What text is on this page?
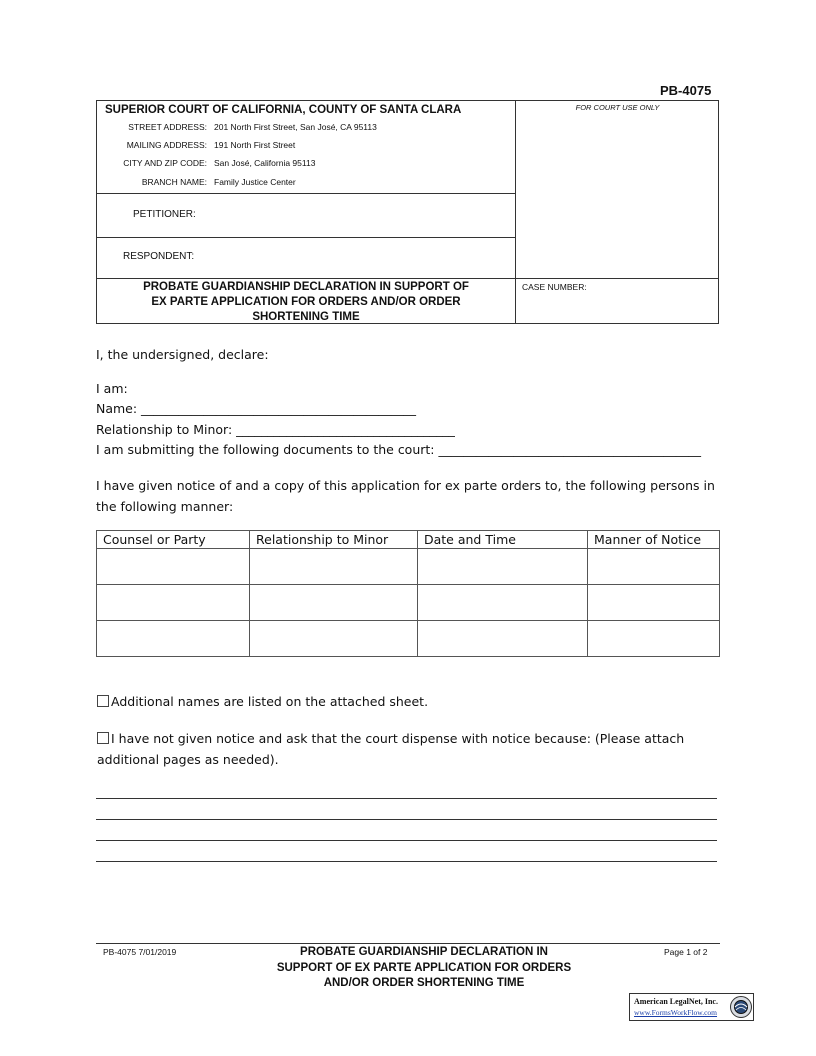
PB-4075
SUPERIOR COURT OF CALIFORNIA, COUNTY OF SANTA CLARA
STREET ADDRESS: 201 North First Street, San José, CA 95113
MAILING ADDRESS: 191 North First Street
CITY AND ZIP CODE: San José, California 95113
BRANCH NAME: Family Justice Center
PETITIONER:
RESPONDENT:
FOR COURT USE ONLY
PROBATE GUARDIANSHIP DECLARATION IN SUPPORT OF
EX PARTE APPLICATION FOR ORDERS AND/OR ORDER
SHORTENING TIME
CASE NUMBER:
I, the undersigned, declare:
I am:
Name: ____________________________________________
Relationship to Minor: ___________________________________
I am submitting the following documents to the court: __________________________________________
I have given notice of and a copy of this application for ex parte orders to, the following persons in the following manner:
Counsel or Party	Relationship to Minor	Date and Time	Manner of Notice

Additional names are listed on the attached sheet.
I have not given notice and ask that the court dispense with notice because: (Please attach additional pages as needed).
PB-4075 7/01/2019	PROBATE GUARDIANSHIP DECLARATION IN
SUPPORT OF EX PARTE APPLICATION FOR ORDERS
AND/OR ORDER SHORTENING TIME
Page 1 of 2
American LegalNet, Inc.
www.FormsWorkFlow.com
